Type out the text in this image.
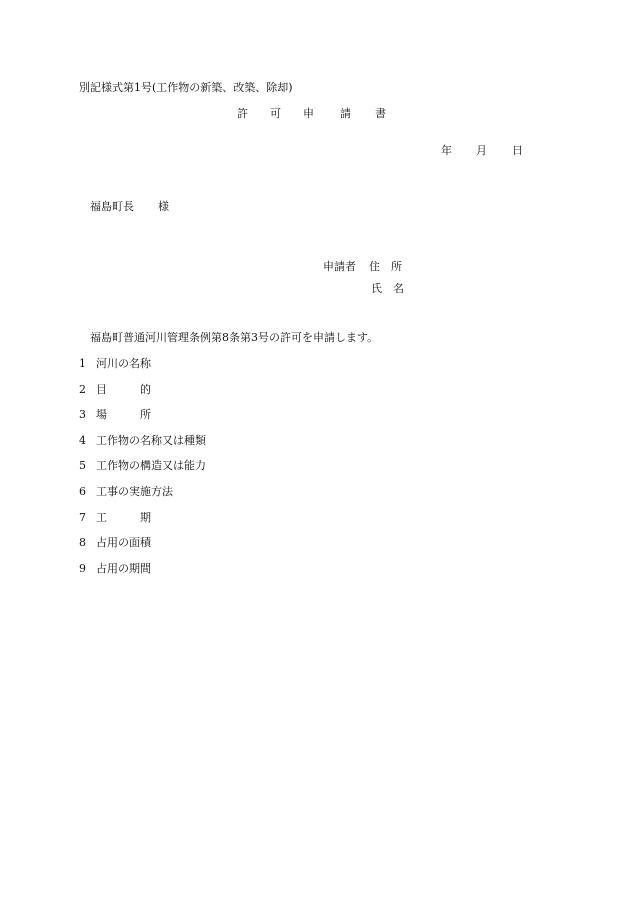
別記様式第1号(工作物の新築、改築、除却)
許 可 申 請 書
年 月 日
福島町長 様
申請者 住　所
氏　名
福島町普通河川管理条例第8条第3号の許可を申請します。
1 河川の名称
2 目　　　的
3 場　　　所
4 工作物の名称又は種類
5 工作物の構造又は能力
6 工事の実施方法
7 工　　　期
8 占用の面積
9 占用の期間
